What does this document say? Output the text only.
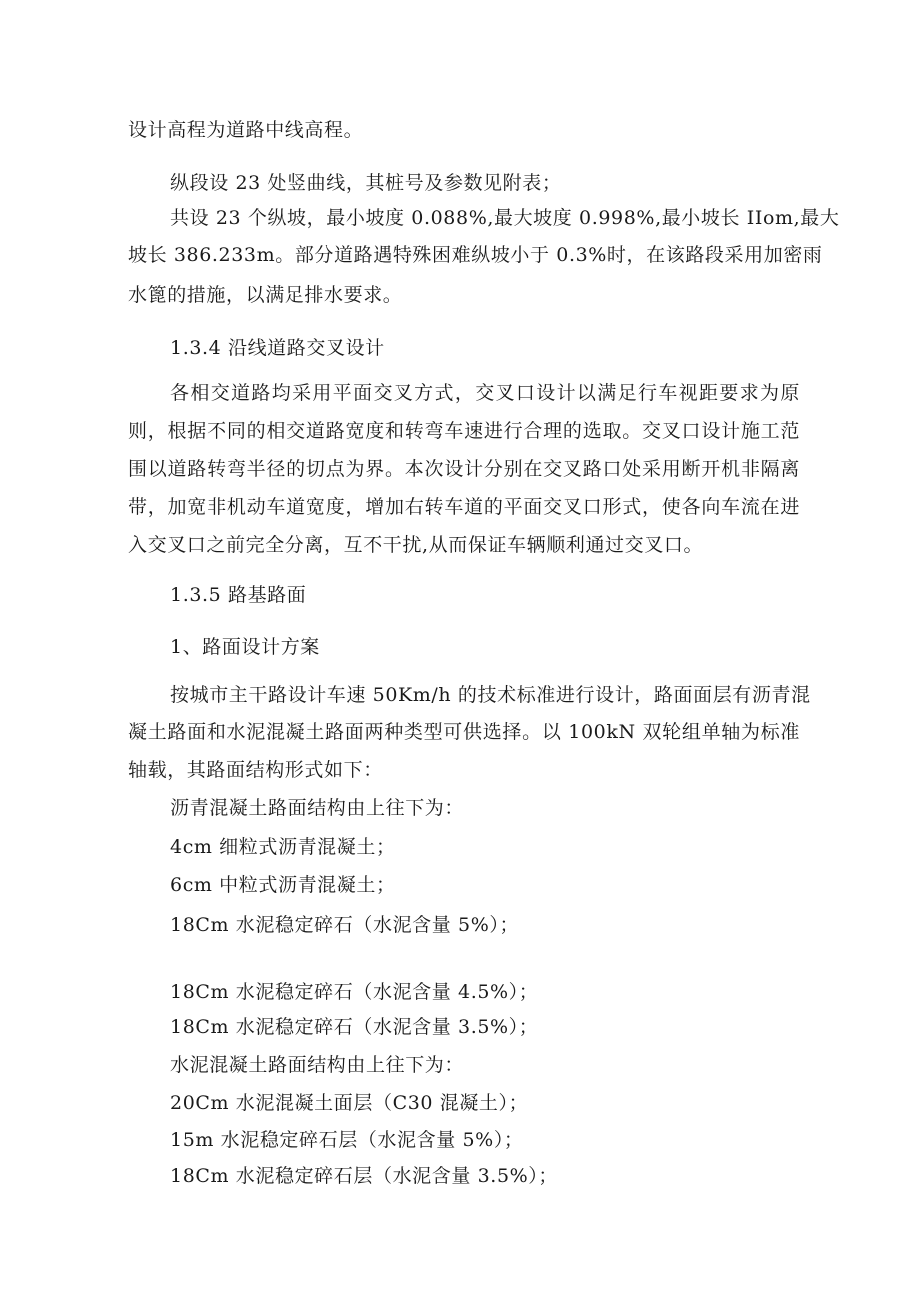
设计高程为道路中线高程。
纵段设 23 处竖曲线，其桩号及参数见附表；
共设 23 个纵坡，最小坡度 0.088%,最大坡度 0.998%,最小坡长 IIom,最大
坡长 386.233m。部分道路遇特殊困难纵坡小于 0.3%时，在该路段采用加密雨
水篦的措施，以满足排水要求。
1.3.4 沿线道路交叉设计
各相交道路均采用平面交叉方式，交叉口设计以满足行车视距要求为原
则，根据不同的相交道路宽度和转弯车速进行合理的选取。交叉口设计施工范
围以道路转弯半径的切点为界。本次设计分别在交叉路口处采用断开机非隔离
带，加宽非机动车道宽度，增加右转车道的平面交叉口形式，使各向车流在进
入交叉口之前完全分离，互不干扰,从而保证车辆顺利通过交叉口。
1.3.5 路基路面
1、路面设计方案
按城市主干路设计车速 50Km/h 的技术标准进行设计，路面面层有沥青混
凝土路面和水泥混凝土路面两种类型可供选择。以 100kN 双轮组单轴为标准
轴载，其路面结构形式如下：
沥青混凝土路面结构由上往下为：
4cm 细粒式沥青混凝土；
6cm 中粒式沥青混凝土；
18Cm 水泥稳定碎石（水泥含量 5%）；
18Cm 水泥稳定碎石（水泥含量 4.5%）；
18Cm 水泥稳定碎石（水泥含量 3.5%）；
水泥混凝土路面结构由上往下为：
20Cm 水泥混凝土面层（C30 混凝土）；
15m 水泥稳定碎石层（水泥含量 5%）；
18Cm 水泥稳定碎石层（水泥含量 3.5%）；
